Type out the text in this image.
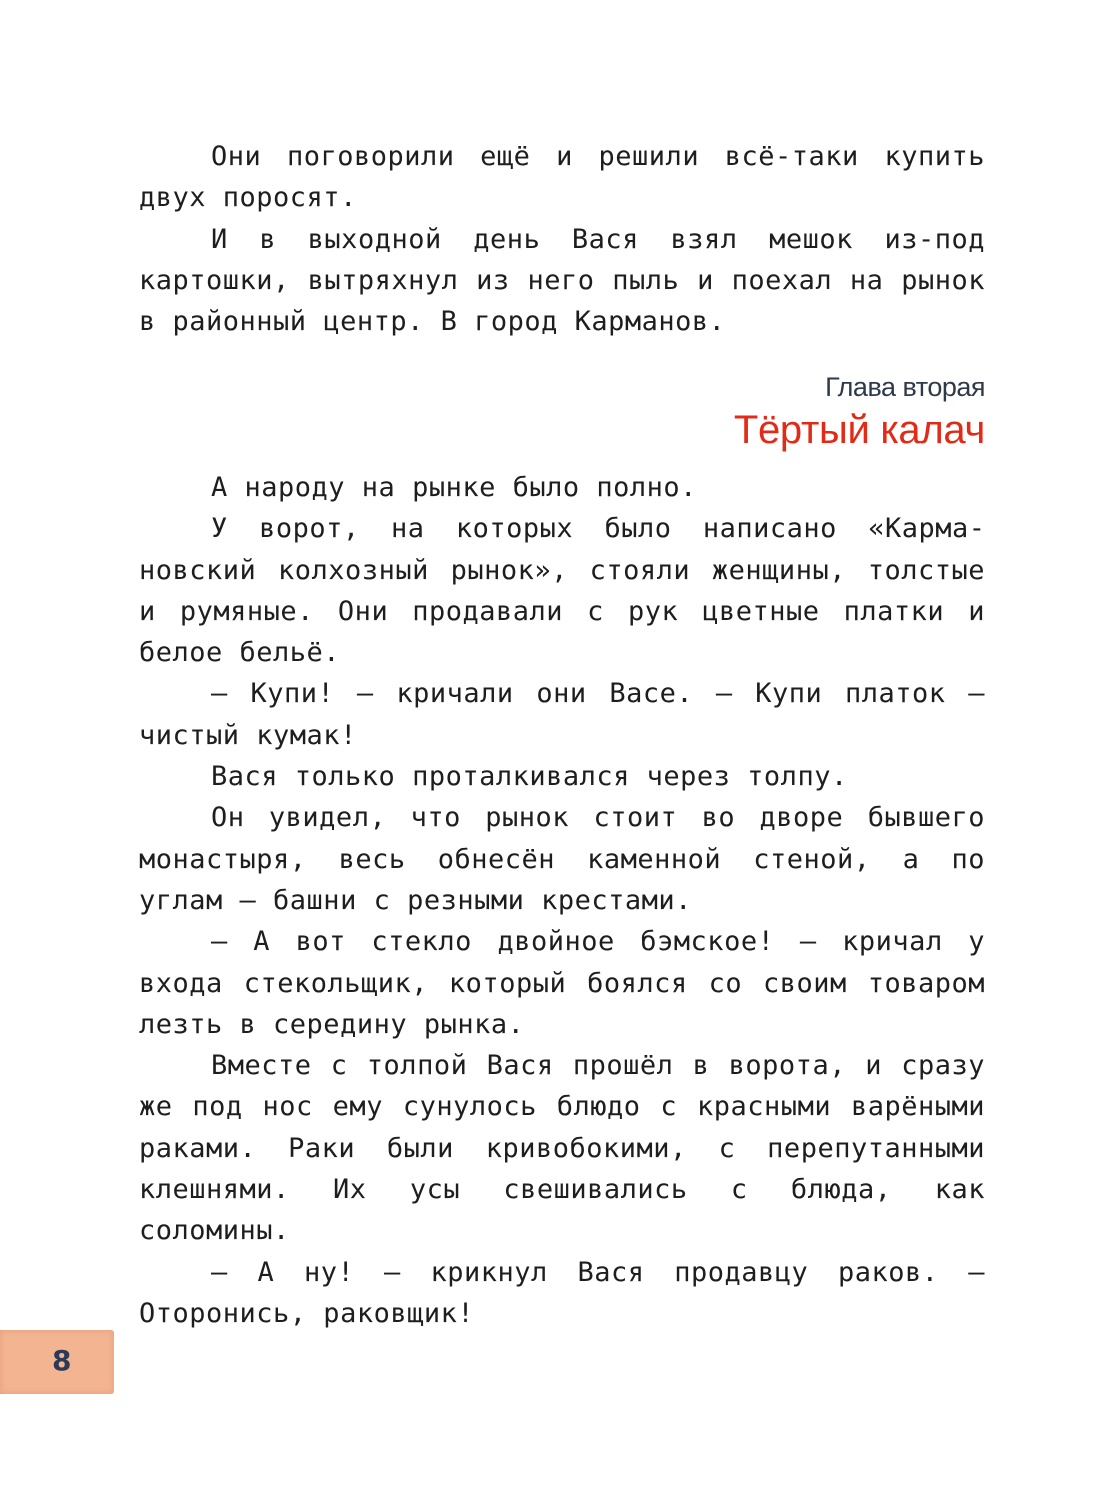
Они поговорили ещё и решили всё-таки купить двух поросят.

И в выходной день Вася взял мешок из-под картошки, вытряхнул из него пыль и поехал на рынок в районный центр. В город Карманов.

Глава вторая
Тёртый калач

А народу на рынке было полно.

У ворот, на которых было написано «Кармановский колхозный рынок», стояли женщины, толстые и румяные. Они продавали с рук цветные платки и белое бельё.

— Купи! — кричали они Васе. — Купи платок — чистый кумак!

Вася только проталкивался через толпу.

Он увидел, что рынок стоит во дворе бывшего монастыря, весь обнесён каменной стеной, а по углам — башни с резными крестами.

— А вот стекло двойное бэмское! — кричал у входа стекольщик, который боялся со своим товаром лезть в середину рынка.

Вместе с толпой Вася прошёл в ворота, и сразу же под нос ему сунулось блюдо с красными варёными раками. Раки были кривобокими, с перепутанными клешнями. Их усы свешивались с блюда, как соломины.

— А ну! — крикнул Вася продавцу раков. — Оторонись, раковщик!

8
